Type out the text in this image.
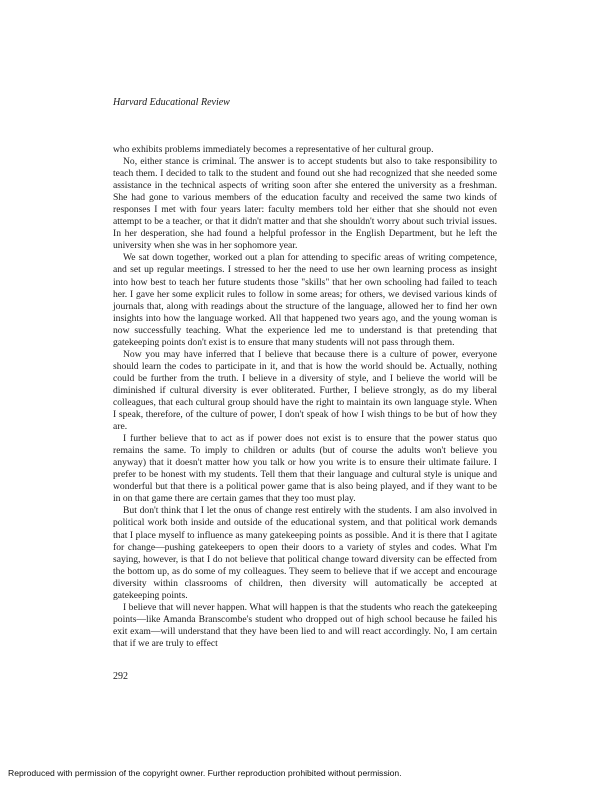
Harvard Educational Review

who exhibits problems immediately becomes a representative of her cultural group.

No, either stance is criminal. The answer is to accept students but also to take responsibility to teach them. I decided to talk to the student and found out she had recognized that she needed some assistance in the technical aspects of writing soon after she entered the university as a freshman. She had gone to various members of the education faculty and received the same two kinds of responses I met with four years later: faculty members told her either that she should not even attempt to be a teacher, or that it didn't matter and that she shouldn't worry about such trivial issues. In her desperation, she had found a helpful professor in the English Department, but he left the university when she was in her sophomore year.

We sat down together, worked out a plan for attending to specific areas of writing competence, and set up regular meetings. I stressed to her the need to use her own learning process as insight into how best to teach her future students those "skills" that her own schooling had failed to teach her. I gave her some explicit rules to follow in some areas; for others, we devised various kinds of journals that, along with readings about the structure of the language, allowed her to find her own insights into how the language worked. All that happened two years ago, and the young woman is now successfully teaching. What the experience led me to understand is that pretending that gatekeeping points don't exist is to ensure that many students will not pass through them.

Now you may have inferred that I believe that because there is a culture of power, everyone should learn the codes to participate in it, and that is how the world should be. Actually, nothing could be further from the truth. I believe in a diversity of style, and I believe the world will be diminished if cultural diversity is ever obliterated. Further, I believe strongly, as do my liberal colleagues, that each cultural group should have the right to maintain its own language style. When I speak, therefore, of the culture of power, I don't speak of how I wish things to be but of how they are.

I further believe that to act as if power does not exist is to ensure that the power status quo remains the same. To imply to children or adults (but of course the adults won't believe you anyway) that it doesn't matter how you talk or how you write is to ensure their ultimate failure. I prefer to be honest with my students. Tell them that their language and cultural style is unique and wonderful but that there is a political power game that is also being played, and if they want to be in on that game there are certain games that they too must play.

But don't think that I let the onus of change rest entirely with the students. I am also involved in political work both inside and outside of the educational system, and that political work demands that I place myself to influence as many gatekeeping points as possible. And it is there that I agitate for change—pushing gatekeepers to open their doors to a variety of styles and codes. What I'm saying, however, is that I do not believe that political change toward diversity can be effected from the bottom up, as do some of my colleagues. They seem to believe that if we accept and encourage diversity within classrooms of children, then diversity will automatically be accepted at gatekeeping points.

I believe that will never happen. What will happen is that the students who reach the gatekeeping points—like Amanda Branscombe's student who dropped out of high school because he failed his exit exam—will understand that they have been lied to and will react accordingly. No, I am certain that if we are truly to effect

292
Reproduced with permission of the copyright owner. Further reproduction prohibited without permission.
